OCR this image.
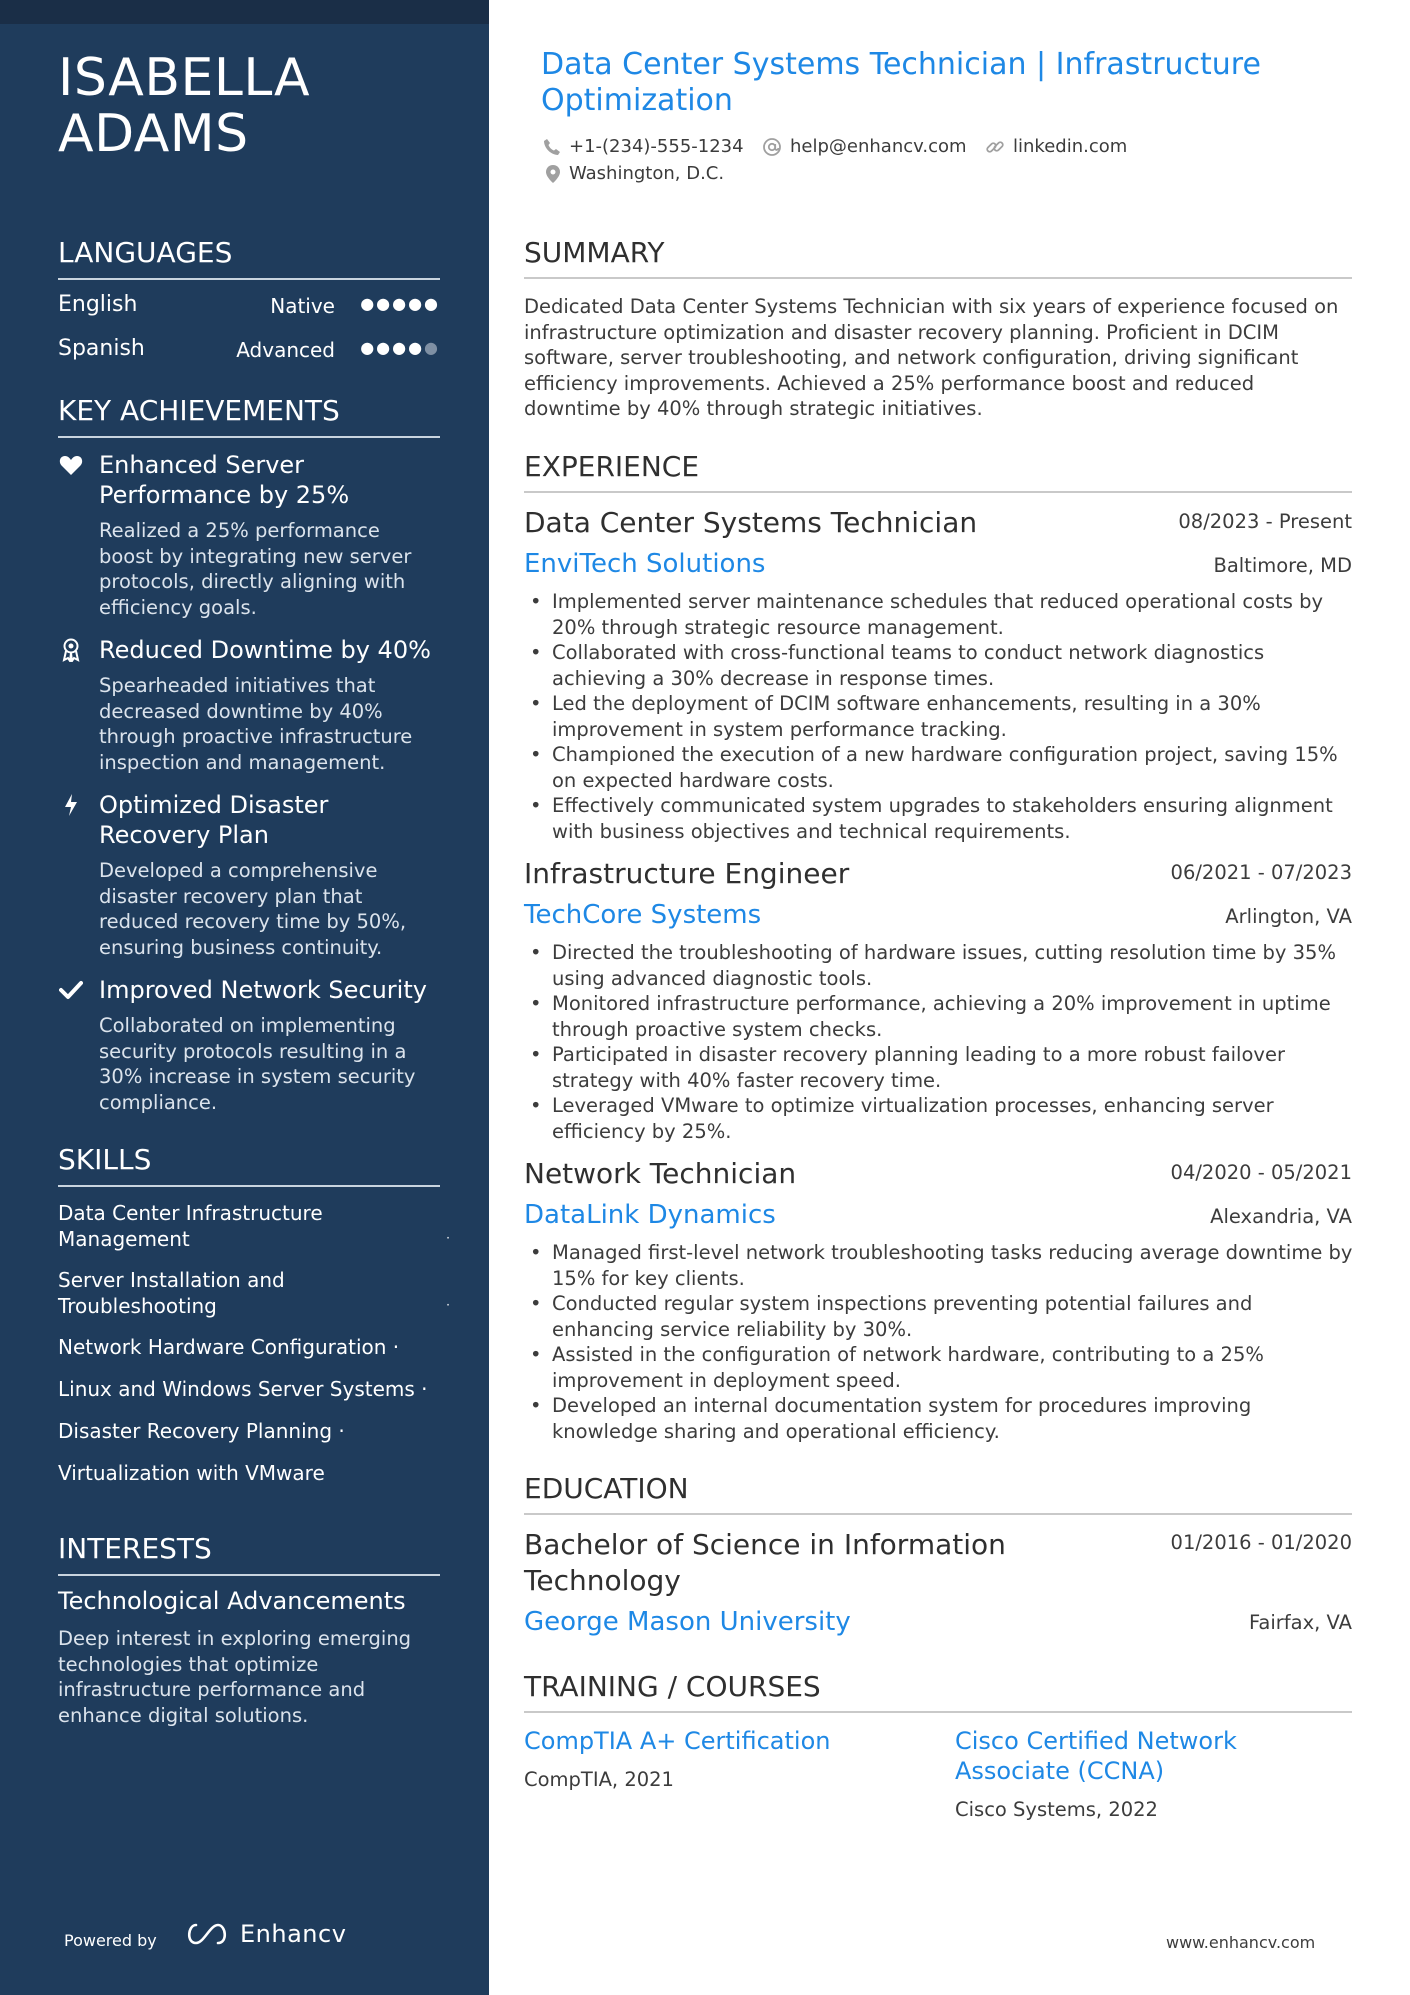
ISABELLA
ADAMS
LANGUAGES
English	Native ●●●●●
Spanish	Advanced ●●●●●
KEY ACHIEVEMENTS
Enhanced Server Performance by 25%
Realized a 25% performance boost by integrating new server protocols, directly aligning with efficiency goals.
Reduced Downtime by 40%
Spearheaded initiatives that decreased downtime by 40% through proactive infrastructure inspection and management.
Optimized Disaster Recovery Plan
Developed a comprehensive disaster recovery plan that reduced recovery time by 50%, ensuring business continuity.
Improved Network Security
Collaborated on implementing security protocols resulting in a 30% increase in system security compliance.
SKILLS
Data Center Infrastructure Management	·
Server Installation and Troubleshooting	·
Network Hardware Configuration ·
Linux and Windows Server Systems ·
Disaster Recovery Planning ·
Virtualization with VMware
INTERESTS
Technological Advancements
Deep interest in exploring emerging technologies that optimize infrastructure performance and enhance digital solutions.
Powered by	Enhancv
Data Center Systems Technician | Infrastructure Optimization
+1-(234)-555-1234	help@enhancv.com	linkedin.com
Washington, D.C.
SUMMARY
Dedicated Data Center Systems Technician with six years of experience focused on infrastructure optimization and disaster recovery planning. Proficient in DCIM software, server troubleshooting, and network configuration, driving significant efficiency improvements. Achieved a 25% performance boost and reduced downtime by 40% through strategic initiatives.
EXPERIENCE
Data Center Systems Technician	08/2023 - Present
EnviTech Solutions	Baltimore, MD
• Implemented server maintenance schedules that reduced operational costs by 20% through strategic resource management.
• Collaborated with cross-functional teams to conduct network diagnostics achieving a 30% decrease in response times.
• Led the deployment of DCIM software enhancements, resulting in a 30% improvement in system performance tracking.
• Championed the execution of a new hardware configuration project, saving 15% on expected hardware costs.
• Effectively communicated system upgrades to stakeholders ensuring alignment with business objectives and technical requirements.
Infrastructure Engineer	06/2021 - 07/2023
TechCore Systems	Arlington, VA
• Directed the troubleshooting of hardware issues, cutting resolution time by 35% using advanced diagnostic tools.
• Monitored infrastructure performance, achieving a 20% improvement in uptime through proactive system checks.
• Participated in disaster recovery planning leading to a more robust failover strategy with 40% faster recovery time.
• Leveraged VMware to optimize virtualization processes, enhancing server efficiency by 25%.
Network Technician	04/2020 - 05/2021
DataLink Dynamics	Alexandria, VA
• Managed first-level network troubleshooting tasks reducing average downtime by 15% for key clients.
• Conducted regular system inspections preventing potential failures and enhancing service reliability by 30%.
• Assisted in the configuration of network hardware, contributing to a 25% improvement in deployment speed.
• Developed an internal documentation system for procedures improving knowledge sharing and operational efficiency.
EDUCATION
Bachelor of Science in Information Technology
01/2016 - 01/2020
George Mason University	Fairfax, VA
TRAINING / COURSES
CompTIA A+ Certification
CompTIA, 2021
Cisco Certified Network Associate (CCNA)
Cisco Systems, 2022
www.enhancv.com
